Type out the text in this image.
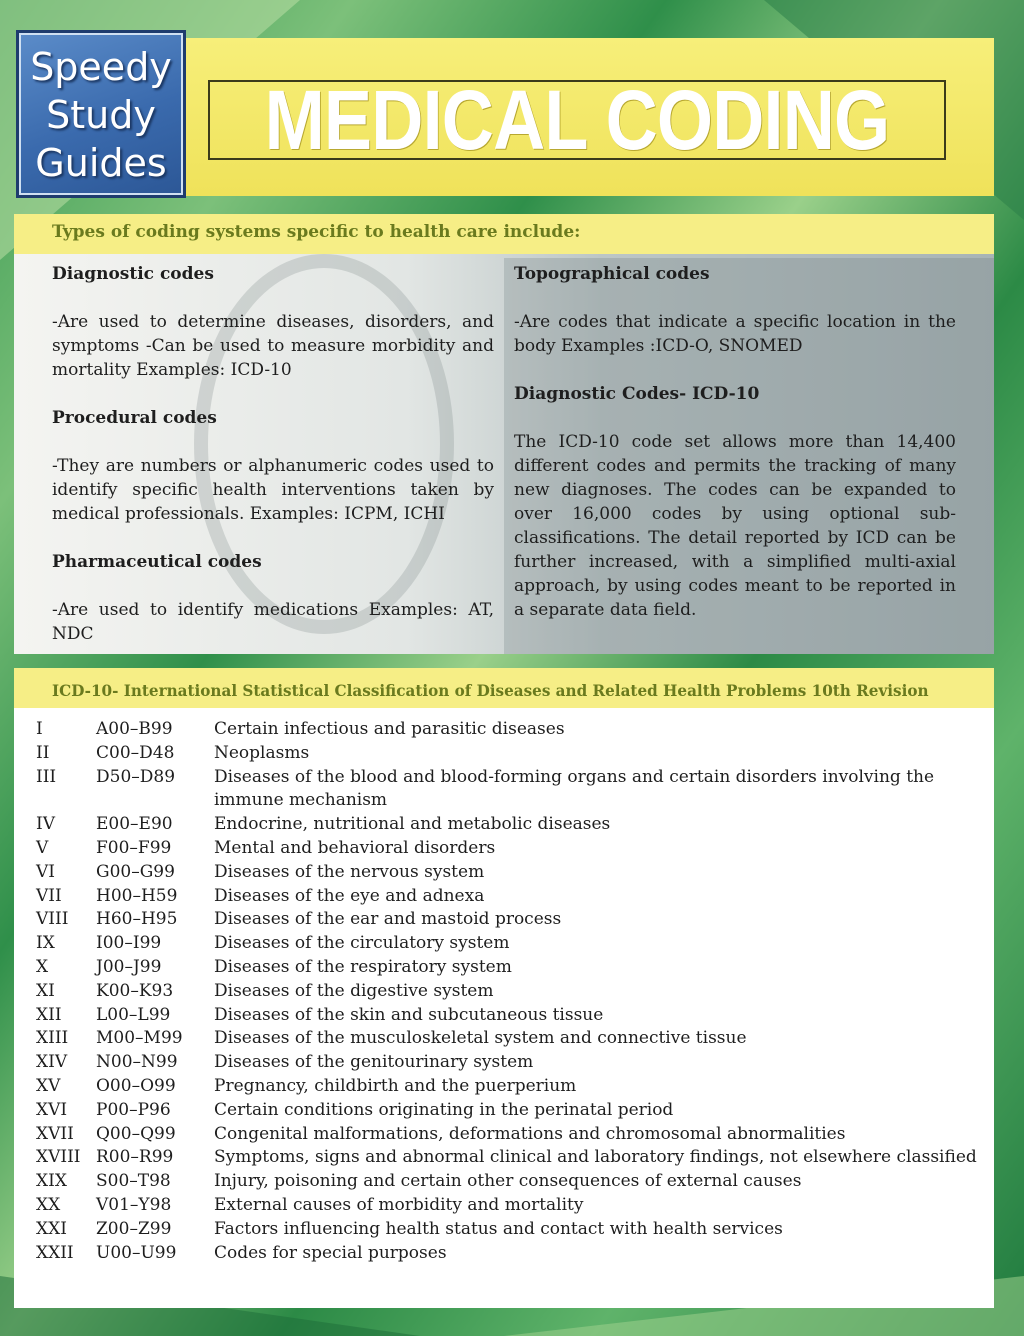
Speedy
Study
Guides MEDICAL CODING
Types of coding systems specific to health care include:
Diagnostic codes

-Are used to determine diseases, disorders, and symptoms -Can be used to measure morbidity and mortality Examples: ICD-10

Procedural codes

-They are numbers or alphanumeric codes used to identify specific health interventions taken by medical professionals. Examples: ICPM, ICHI

Pharmaceutical codes

-Are used to identify medications Examples: AT, NDC

Topographical codes

-Are codes that indicate a specific location in the body Examples :ICD-O, SNOMED

Diagnostic Codes- ICD-10

The ICD-10 code set allows more than 14,400 different codes and permits the tracking of many new diagnoses. The codes can be expanded to over 16,000 codes by using optional sub-classifications. The detail reported by ICD can be further increased, with a simplified multi-axial approach, by using codes meant to be reported in a separate data field.

ICD-10- International Statistical Classification of Diseases and Related Health Problems 10th Revision
I	A00–B99	Certain infectious and parasitic diseases
II	C00–D48	Neoplasms
III	D50–D89	Diseases of the blood and blood-forming organs and certain disorders involving the immune mechanism
IV	E00–E90	Endocrine, nutritional and metabolic diseases
V	F00–F99	Mental and behavioral disorders
VI	G00–G99	Diseases of the nervous system
VII	H00–H59	Diseases of the eye and adnexa
VIII	H60–H95	Diseases of the ear and mastoid process
IX	I00–I99	Diseases of the circulatory system
X	J00–J99	Diseases of the respiratory system
XI	K00–K93	Diseases of the digestive system
XII	L00–L99	Diseases of the skin and subcutaneous tissue
XIII	M00–M99	Diseases of the musculoskeletal system and connective tissue
XIV	N00–N99	Diseases of the genitourinary system
XV	O00–O99	Pregnancy, childbirth and the puerperium
XVI	P00–P96	Certain conditions originating in the perinatal period
XVII	Q00–Q99	Congenital malformations, deformations and chromosomal abnormalities
XVIII	R00–R99	Symptoms, signs and abnormal clinical and laboratory findings, not elsewhere classified
XIX	S00–T98	Injury, poisoning and certain other consequences of external causes
XX	V01–Y98	External causes of morbidity and mortality
XXI	Z00–Z99	Factors influencing health status and contact with health services
XXII	U00–U99	Codes for special purposes
